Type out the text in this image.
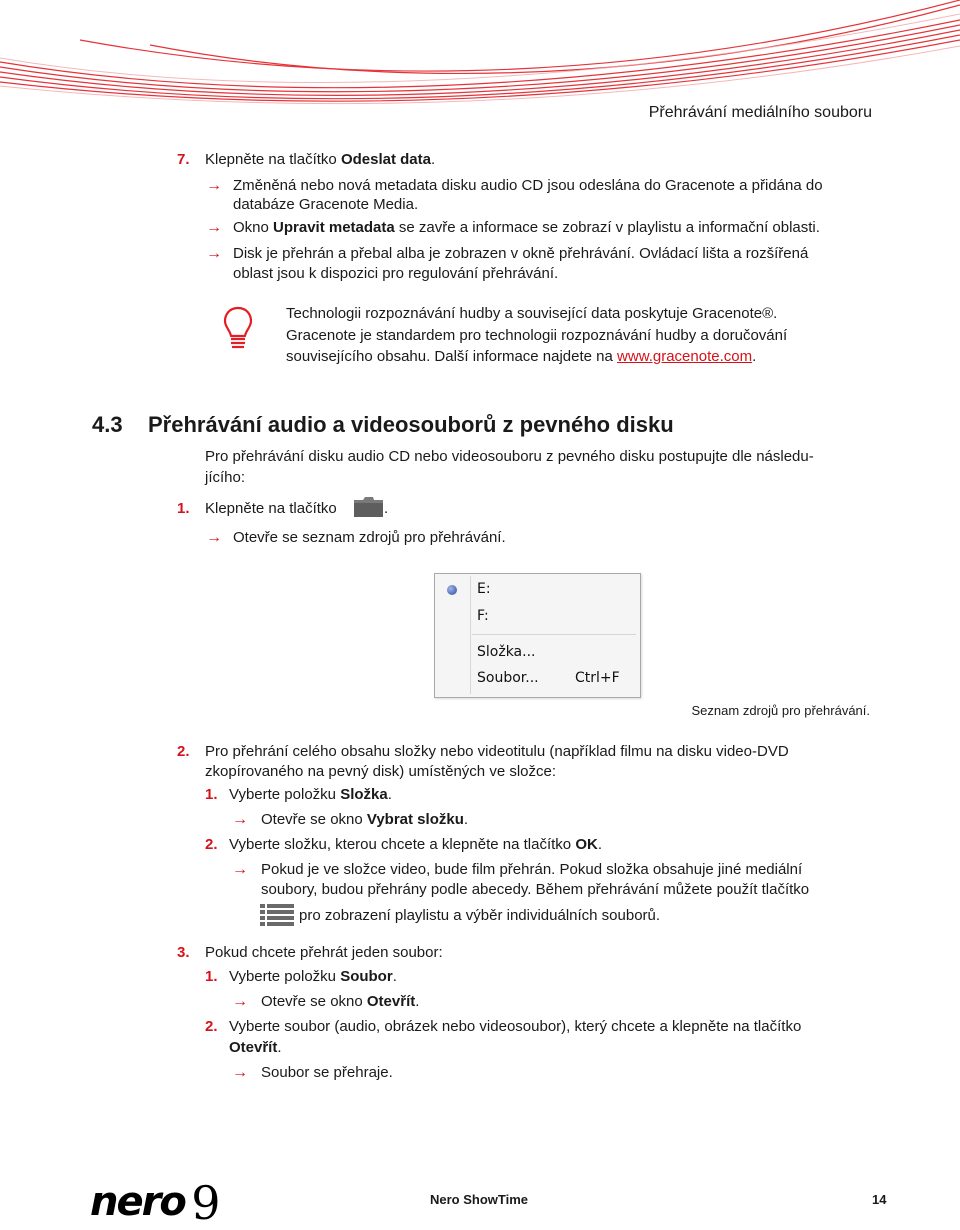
Přehrávání mediálního souboru
7. Klepněte na tlačítko Odeslat data.
→ Změněná nebo nová metadata disku audio CD jsou odeslána do Gracenote a přidána do
databáze Gracenote Media.
→ Okno Upravit metadata se zavře a informace se zobrazí v playlistu a informační oblasti.
→ Disk je přehrán a přebal alba je zobrazen v okně přehrávání. Ovládací lišta a rozšířená
oblast jsou k dispozici pro regulování přehrávání.
Technologii rozpoznávání hudby a související data poskytuje Gracenote®.
Gracenote je standardem pro technologii rozpoznávání hudby a doručování
souvisejícího obsahu. Další informace najdete na www.gracenote.com.
4.3 Přehrávání audio a videosouborů z pevného disku
Pro přehrávání disku audio CD nebo videosouboru z pevného disku postupujte dle následu-
jícího:
1. Klepněte na tlačítko	.
→ Otevře se seznam zdrojů pro přehrávání.
E:
F:
Složka...
Soubor...	Ctrl+F
Seznam zdrojů pro přehrávání.
2. Pro přehrání celého obsahu složky nebo videotitulu (například filmu na disku video-DVD
zkopírovaného na pevný disk) umístěných ve složce:
1. Vyberte položku Složka.
→ Otevře se okno Vybrat složku.
2. Vyberte složku, kterou chcete a klepněte na tlačítko OK.
→ Pokud je ve složce video, bude film přehrán. Pokud složka obsahuje jiné mediální
soubory, budou přehrány podle abecedy. Během přehrávání můžete použít tlačítko
pro zobrazení playlistu a výběr individuálních souborů.
3. Pokud chcete přehrát jeden soubor:
1. Vyberte položku Soubor.
→ Otevře se okno Otevřít.
2. Vyberte soubor (audio, obrázek nebo videosoubor), který chcete a klepněte na tlačítko
Otevřít.
→ Soubor se přehraje.
nero 9	Nero ShowTime	14
